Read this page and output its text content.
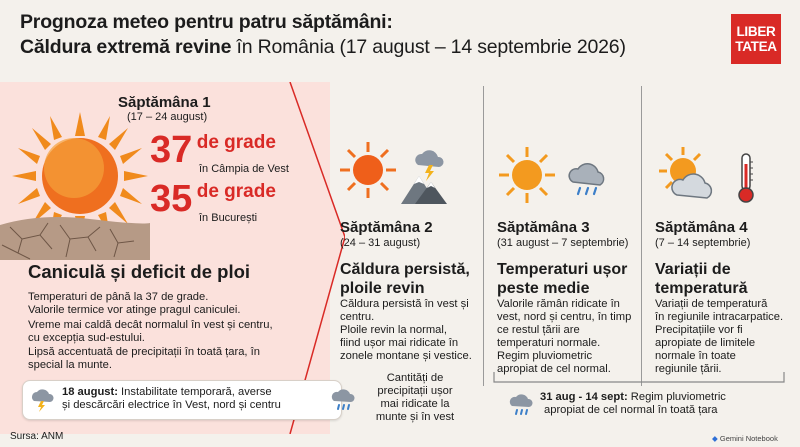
Prognoza meteo pentru patru săptămâni:
Căldura extremă revine în România (17 august – 14 septembrie 2026)
LIBER
TATEA
Săptămâna 1
(17 – 24 august)
37 de grade
în Câmpia de Vest
35 de grade
în București
Caniculă și deficit de ploi
Temperaturi de până la 37 de grade.
Valorile termice vor atinge pragul caniculei.
Vreme mai caldă decât normalul în vest și centru,
cu excepția sud-estului.
Lipsă accentuată de precipitații în toată țara, în
special la munte.
18 august: Instabilitate temporară, averse
și descărcări electrice în Vest, nord și centru
Săptămâna 2
(24 – 31 august)
Căldura persistă,
ploile revin
Căldura persistă în vest și
centru.
Ploile revin la normal,
fiind ușor mai ridicate în
zonele montane și vestice.
Cantități de
precipitații ușor
mai ridicate la
munte și în vest
Săptămâna 3
(31 august – 7 septembrie)
Temperaturi ușor
peste medie
Valorile rămân ridicate în
vest, nord și centru, în timp
ce restul țării are
temperaturi normale.
Regim pluviometric
apropiat de cel normal.
Săptămâna 4
(7 – 14 septembrie)
Variații de
temperatură
Variații de temperatură
în regiunile intracarpatice.
Precipitațiile vor fi
apropiate de limitele
normale în toate
regiunile țării.
31 aug - 14 sept: Regim pluviometric
apropiat de cel normal în toată țara
Sursa: ANM	◆ Gemini Notebook
